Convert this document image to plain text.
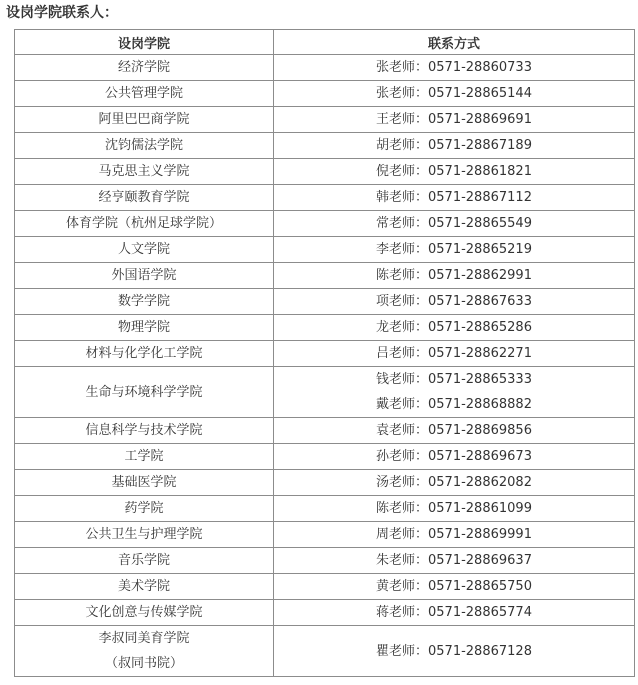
设岗学院联系人：
设岗学院	联系方式

经济学院	张老师：0571-28860733

公共管理学院	张老师：0571-28865144

阿里巴巴商学院	王老师：0571-28869691

沈钧儒法学院	胡老师：0571-28867189

马克思主义学院	倪老师：0571-28861821

经亨颐教育学院	韩老师：0571-28867112

体育学院（杭州足球学院）	常老师：0571-28865549

人文学院	李老师：0571-28865219

外国语学院	陈老师：0571-28862991

数学学院	项老师：0571-28867633

物理学院	龙老师：0571-28865286

材料与化学化工学院	吕老师：0571-28862271

生命与环境科学学院	钱老师：0571-28865333
戴老师：0571-28868882

信息科学与技术学院	袁老师：0571-28869856

工学院	孙老师：0571-28869673

基础医学院	汤老师：0571-28862082

药学院	陈老师：0571-28861099

公共卫生与护理学院	周老师：0571-28869991

音乐学院	朱老师：0571-28869637

美术学院	黄老师：0571-28865750

文化创意与传媒学院	蒋老师：0571-28865774

李叔同美育学院
（叔同书院）	瞿老师：0571-28867128
